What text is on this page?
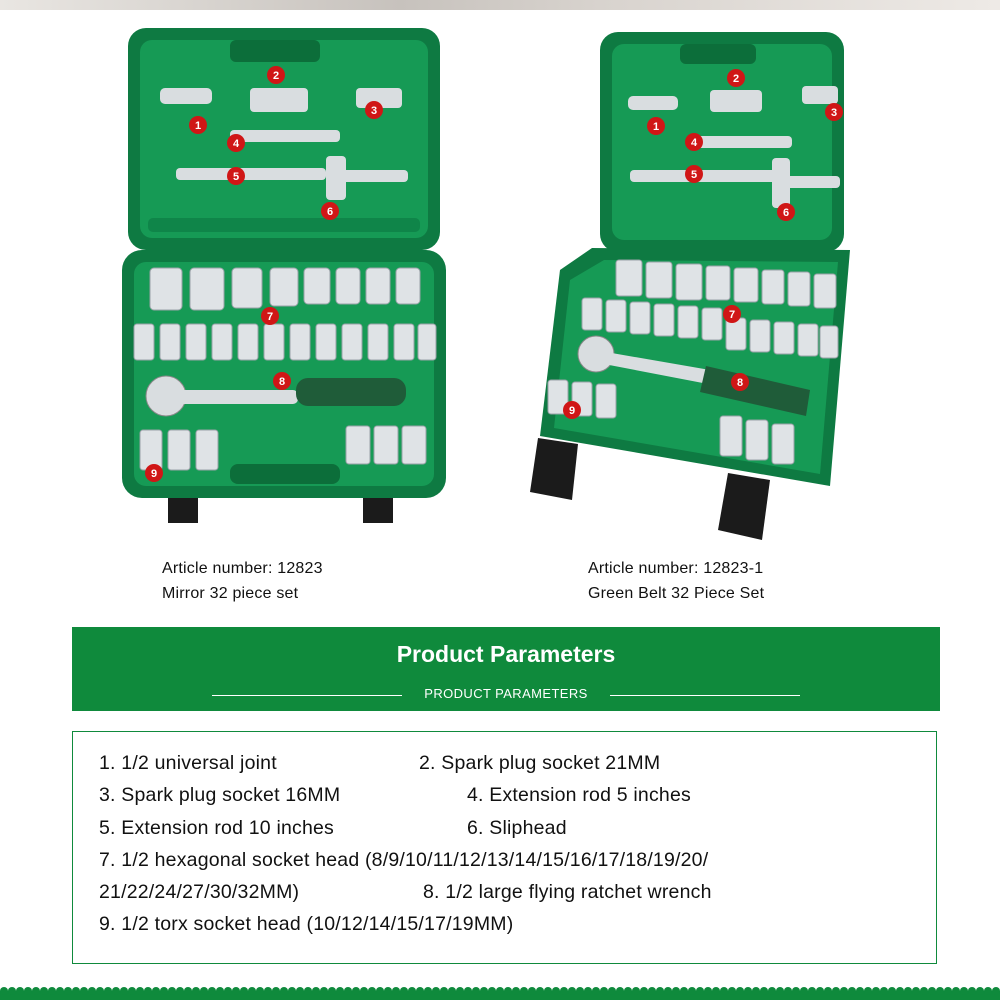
1
2
3
4
5
6
7
8
9
1
2
3
4
5
6
7
8
9
Article number: 12823
Mirror 32 piece set
Article number: 12823-1
Green Belt 32 Piece Set
Product Parameters
PRODUCT PARAMETERS
1. 1/2 universal joint	2. Spark plug socket 21MM
3. Spark plug socket 16MM	4. Extension rod 5 inches
5. Extension rod 10 inches	6. Sliphead
7. 1/2 hexagonal socket head (8/9/10/11/12/13/14/15/16/17/18/19/20/
21/22/24/27/30/32MM)	8. 1/2 large flying ratchet wrench
9. 1/2 torx socket head (10/12/14/15/17/19MM)
